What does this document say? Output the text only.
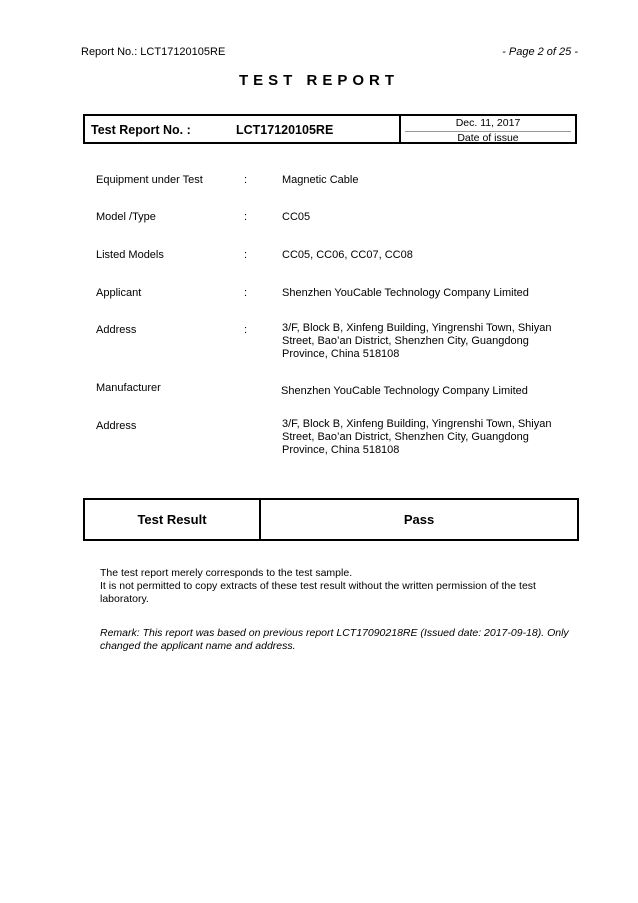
Report No.: LCT17120105RE	- Page 2 of 25 -
TEST REPORT
Test Report No. :	LCT17120105RE	Dec. 11, 2017
Date of issue
Equipment under Test	:	Magnetic Cable
Model /Type	:	CC05
Listed Models	:	CC05, CC06, CC07, CC08
Applicant	:	Shenzhen YouCable Technology Company Limited
Address	:	3/F, Block B, Xinfeng Building, Yingrenshi Town, Shiyan Street, Bao’an District, Shenzhen City, Guangdong Province, China 518108
Manufacturer	Shenzhen YouCable Technology Company Limited
Address	3/F, Block B, Xinfeng Building, Yingrenshi Town, Shiyan Street, Bao’an District, Shenzhen City, Guangdong Province, China 518108
Test Result	Pass
The test report merely corresponds to the test sample.
It is not permitted to copy extracts of these test result without the written permission of the test laboratory.
Remark: This report was based on previous report LCT17090218RE (Issued date: 2017-09-18). Only changed the applicant name and address.
